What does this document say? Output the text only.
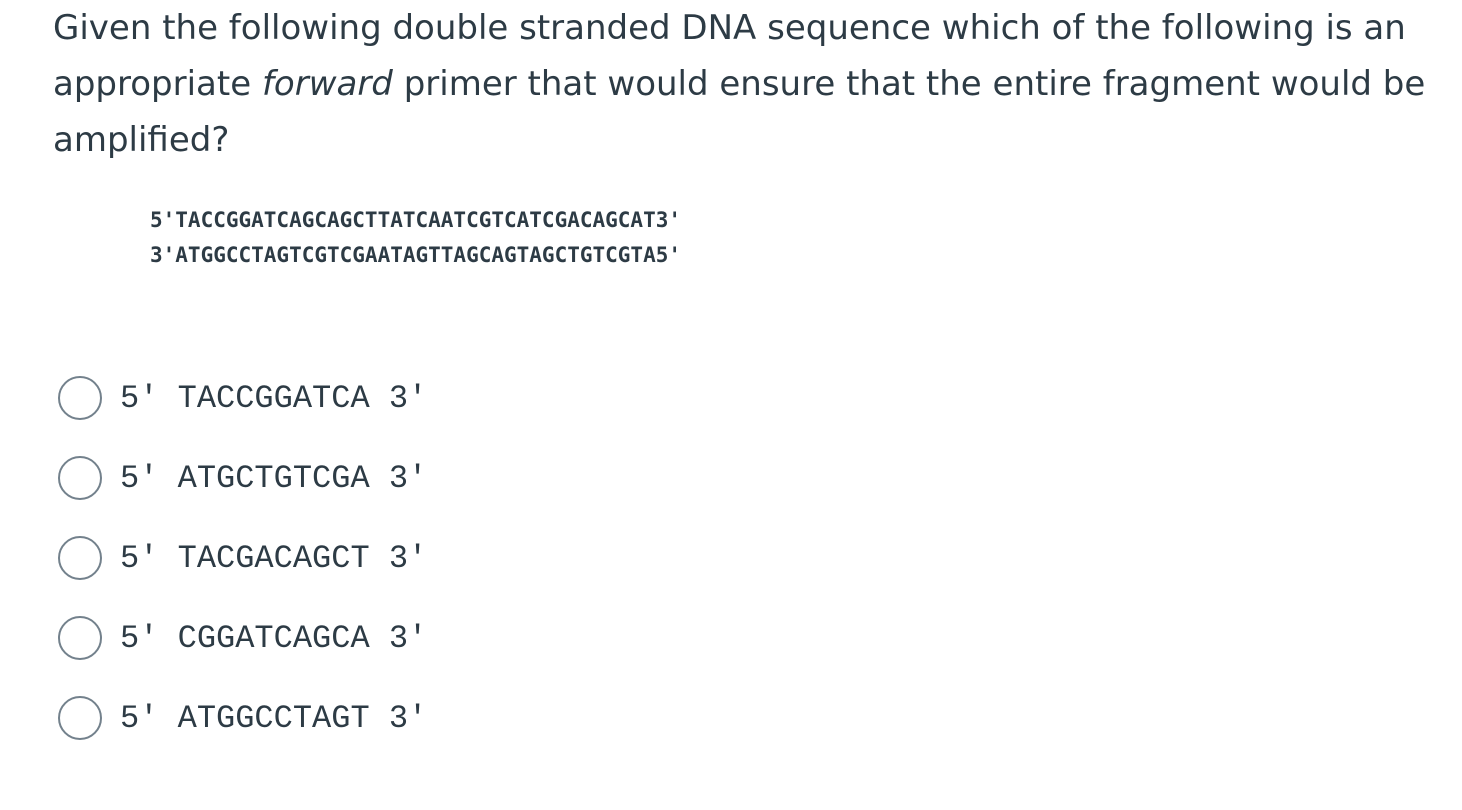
Given the following double stranded DNA sequence which of the following is an
appropriate forward primer that would ensure that the entire fragment would be
amplified?
5'TACCGGATCAGCAGCTTATCAATCGTCATCGACAGCAT3'
3'ATGGCCTAGTCGTCGAATAGTTAGCAGTAGCTGTCGTA5'
5' TACCGGATCA 3'
5' ATGCTGTCGA 3'
5' TACGACAGCT 3'
5' CGGATCAGCA 3'
5' ATGGCCTAGT 3'
